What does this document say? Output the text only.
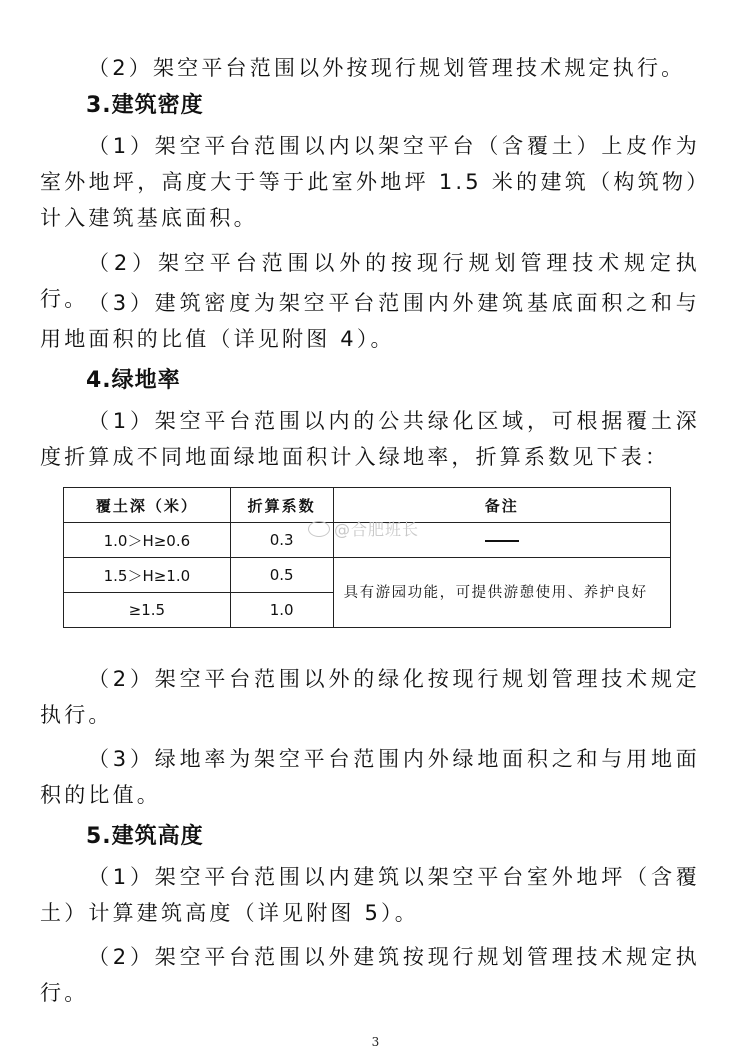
（2）架空平台范围以外按现行规划管理技术规定执行。

3.建筑密度

（1）架空平台范围以内以架空平台（含覆土）上皮作为室外地坪，高度大于等于此室外地坪 1.5 米的建筑（构筑物）计入建筑基底面积。

（2）架空平台范围以外的按现行规划管理技术规定执行。 （3）建筑密度为架空平台范围内外建筑基底面积之和与用地面积的比值（详见附图 4）。

4.绿地率

（1）架空平台范围以内的公共绿化区域，可根据覆土深度折算成不同地面绿地面积计入绿地率，折算系数见下表：

覆土深（米）	折算系数	备注
1.0＞H≥0.6	0.3	
1.5＞H≥1.0	0.5	具有游园功能，可提供游憩使用、养护良好
≥1.5	1.0	
@合肥班长

（2）架空平台范围以外的绿化按现行规划管理技术规定执行。

（3）绿地率为架空平台范围内外绿地面积之和与用地面积的比值。

5.建筑高度

（1）架空平台范围以内建筑以架空平台室外地坪（含覆土）计算建筑高度（详见附图 5）。

（2）架空平台范围以外建筑按现行规划管理技术规定执行。

3
